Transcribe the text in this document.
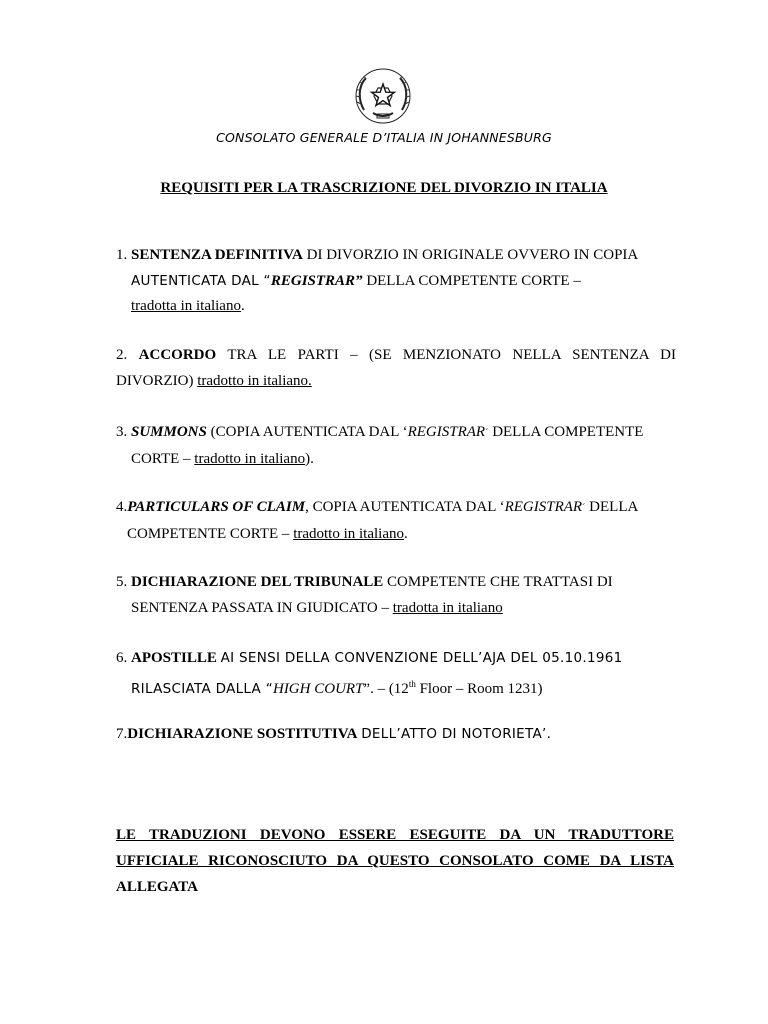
CONSOLATO GENERALE D’ITALIA IN JOHANNESBURG
REQUISITI PER LA TRASCRIZIONE DEL DIVORZIO IN ITALIA
1. SENTENZA DEFINITIVA DI DIVORZIO IN ORIGINALE OVVERO IN COPIA
AUTENTICATA DAL “REGISTRAR” DELLA COMPETENTE CORTE –
tradotta in italiano.
2. ACCORDO TRA LE PARTI – (SE MENZIONATO NELLA SENTENZA DI DIVORZIO) tradotto in italiano.
3. SUMMONS (COPIA AUTENTICATA DAL ‘REGISTRAR´ DELLA COMPETENTE
CORTE – tradotto in italiano).
4.PARTICULARS OF CLAIM, COPIA AUTENTICATA DAL ‘REGISTRAR´ DELLA
COMPETENTE CORTE – tradotto in italiano.
5. DICHIARAZIONE DEL TRIBUNALE COMPETENTE CHE TRATTASI DI
SENTENZA PASSATA IN GIUDICATO – tradotta in italiano
6. APOSTILLE AI SENSI DELLA CONVENZIONE DELL’AJA DEL 05.10.1961
RILASCIATA DALLA “HIGH COURT”. – (12th Floor – Room 1231)
7.DICHIARAZIONE SOSTITUTIVA DELL’ATTO DI NOTORIETA’.
LE TRADUZIONI DEVONO ESSERE ESEGUITE DA UN TRADUTTORE
UFFICIALE RICONOSCIUTO DA QUESTO CONSOLATO COME DA LISTA
ALLEGATA
